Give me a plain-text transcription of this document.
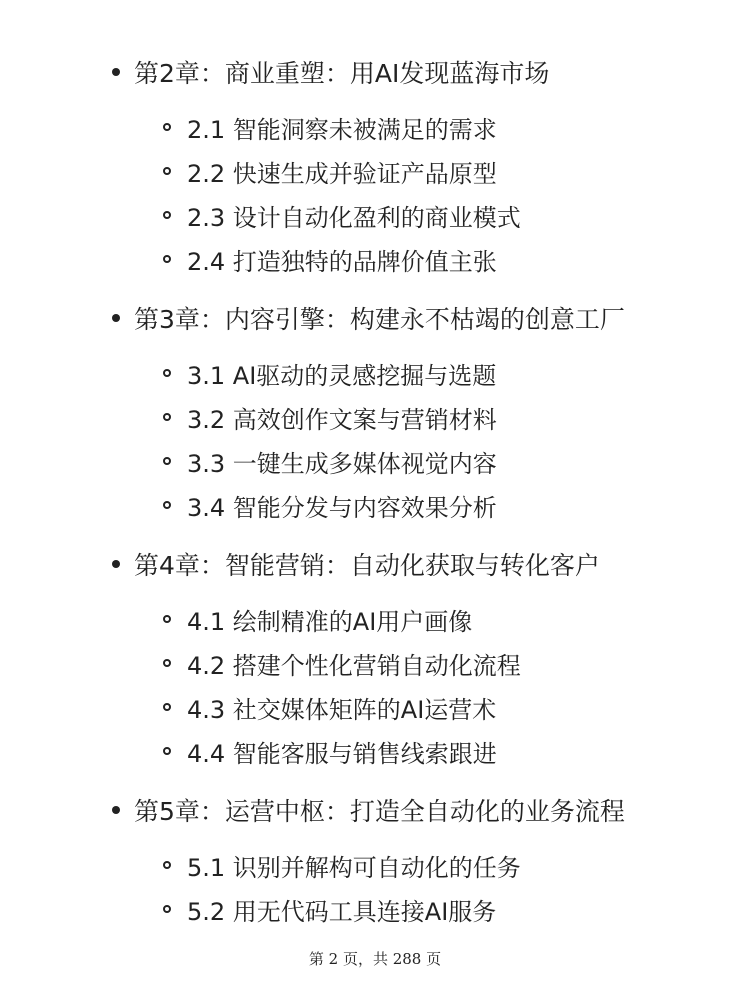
第2章：商业重塑：用AI发现蓝海市场
2.1 智能洞察未被满足的需求
2.2 快速生成并验证产品原型
2.3 设计自动化盈利的商业模式
2.4 打造独特的品牌价值主张
第3章：内容引擎：构建永不枯竭的创意工厂
3.1 AI驱动的灵感挖掘与选题
3.2 高效创作文案与营销材料
3.3 一键生成多媒体视觉内容
3.4 智能分发与内容效果分析
第4章：智能营销：自动化获取与转化客户
4.1 绘制精准的AI用户画像
4.2 搭建个性化营销自动化流程
4.3 社交媒体矩阵的AI运营术
4.4 智能客服与销售线索跟进
第5章：运营中枢：打造全自动化的业务流程
5.1 识别并解构可自动化的任务
5.2 用无代码工具连接AI服务
第 2 页，共 288 页
